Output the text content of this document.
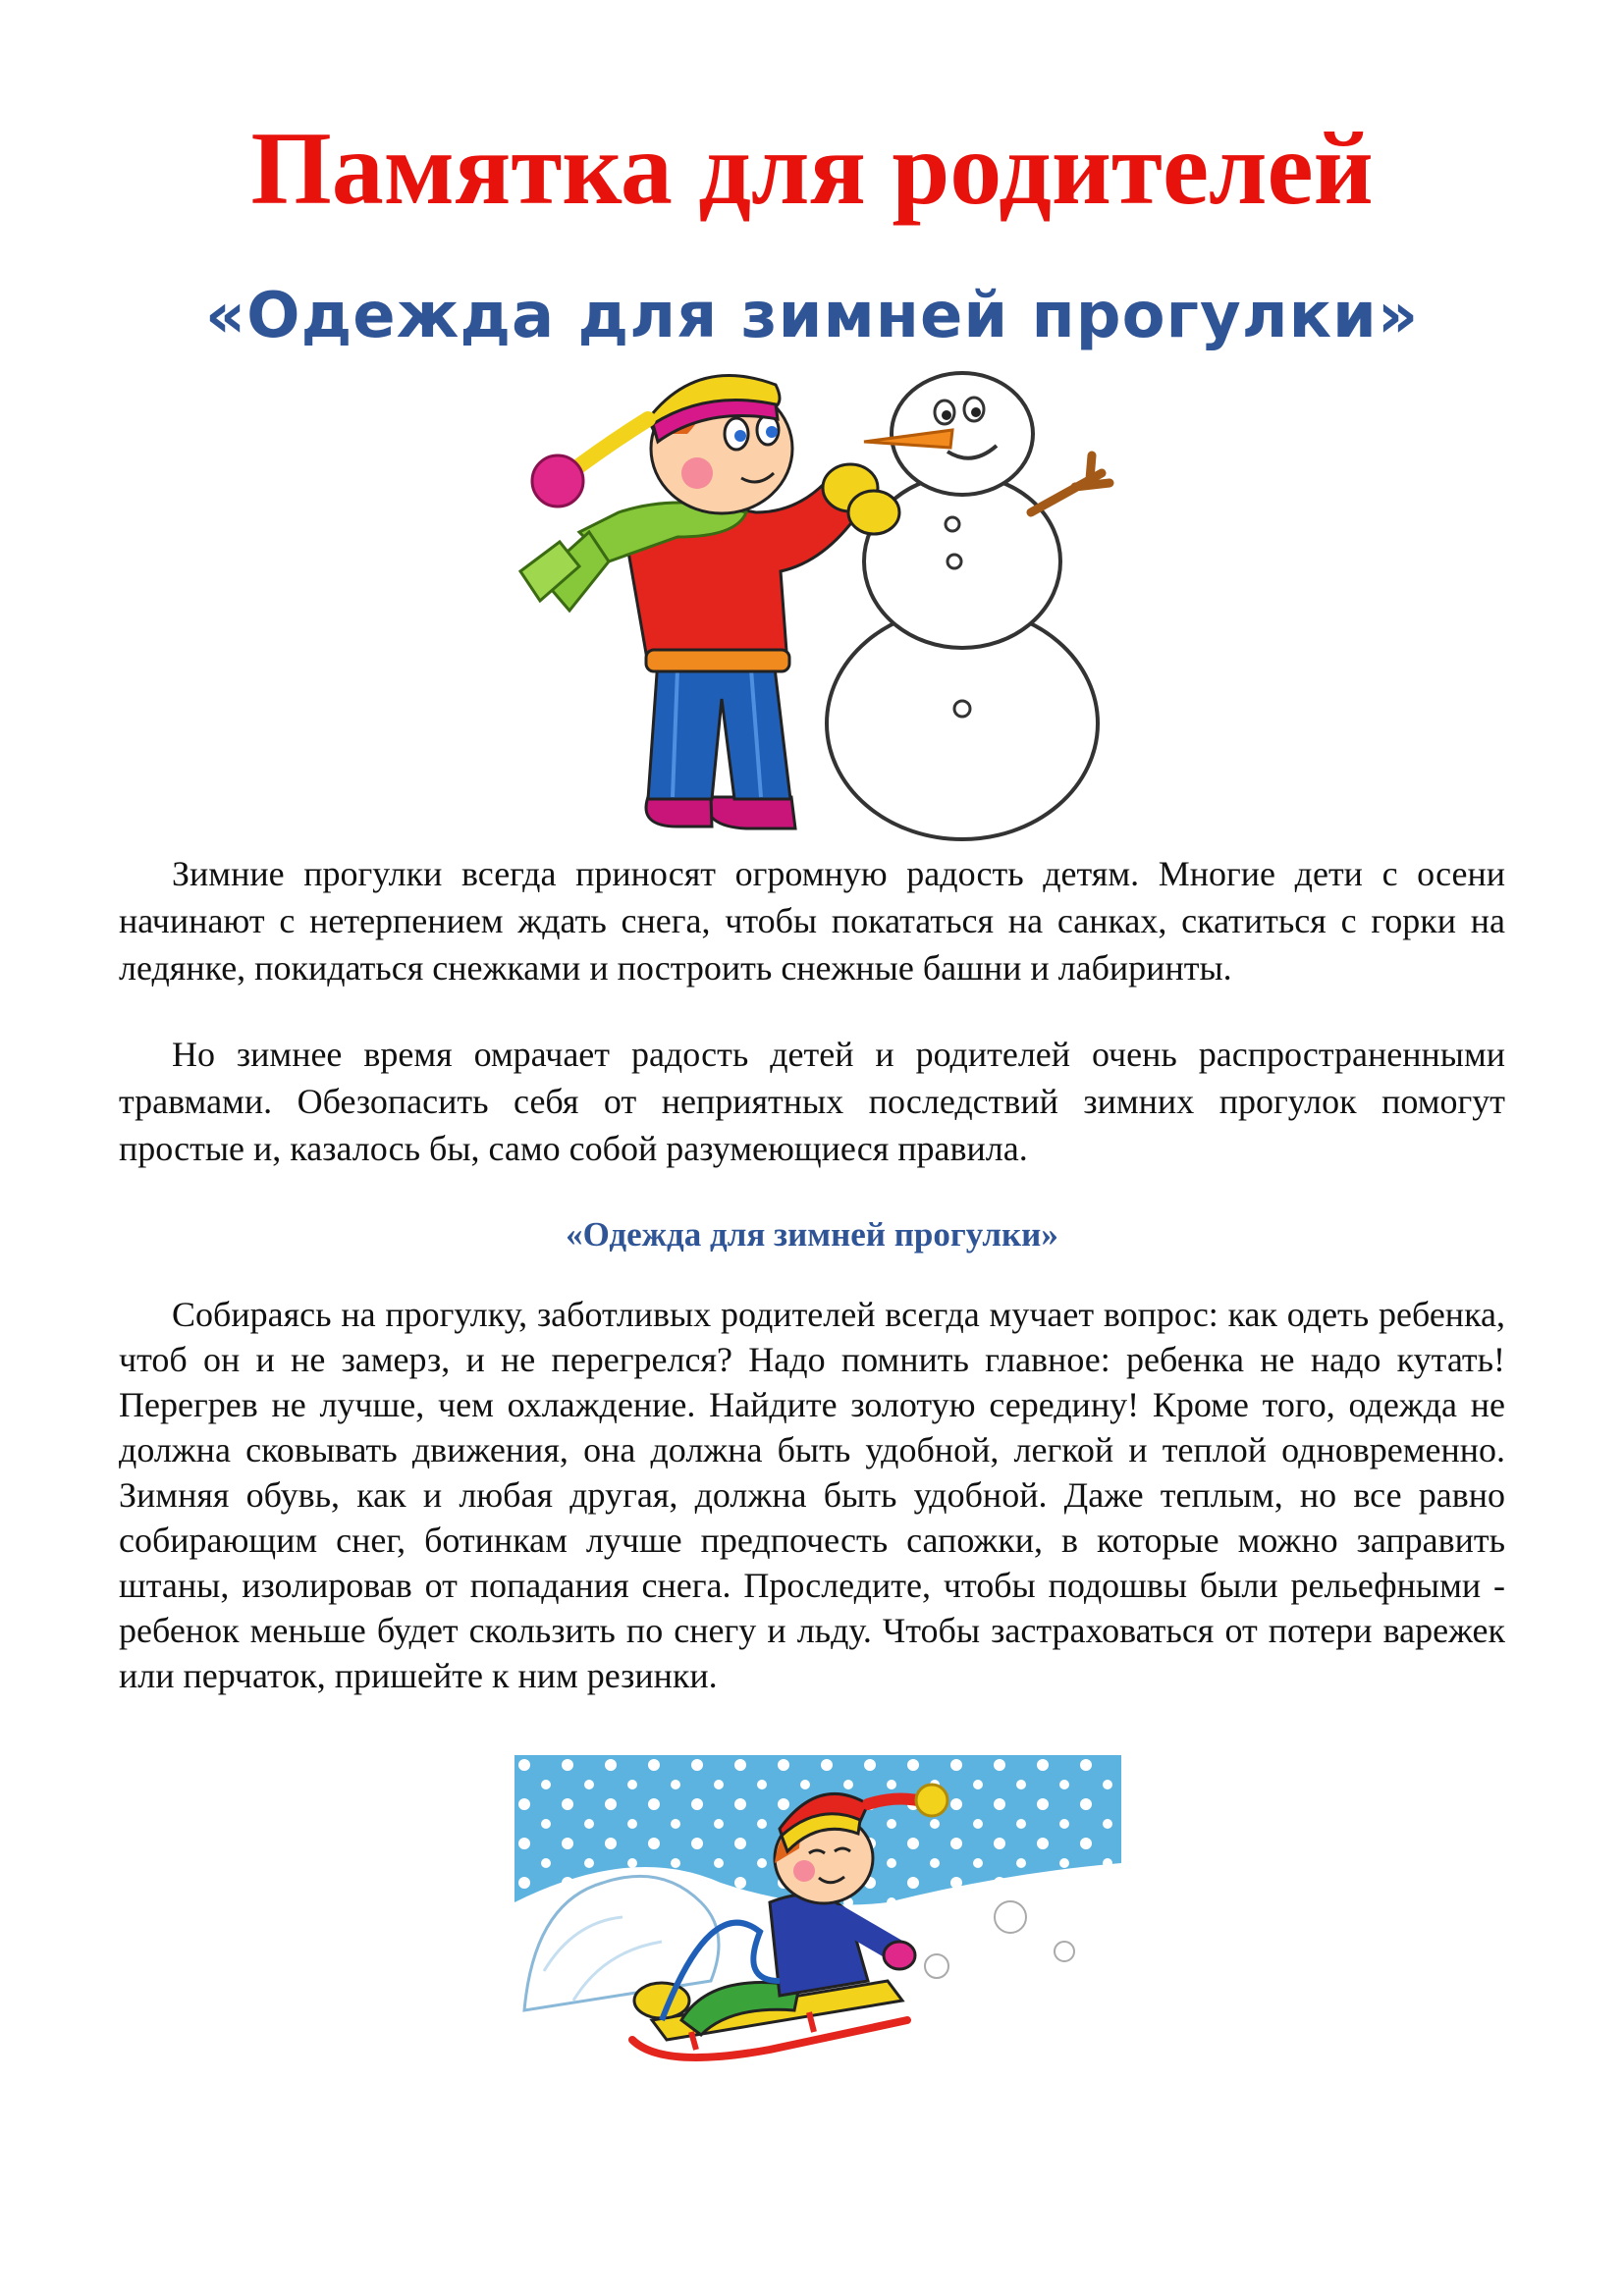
Памятка для родителей
«Одежда для зимней прогулки»

Зимние прогулки всегда приносят огромную радость детям. Многие дети с осени начинают с нетерпением ждать снега, чтобы покататься на санках, скатиться с горки на ледянке, покидаться снежками и построить снежные башни и лабиринты.

Но зимнее время омрачает радость детей и родителей очень распространенными травмами. Обезопасить себя от неприятных последствий зимних прогулок помогут простые и, казалось бы, само собой разумеющиеся правила.

«Одежда для зимней прогулки»

Собираясь на прогулку, заботливых родителей всегда мучает вопрос: как одеть ребенка, чтоб он и не замерз, и не перегрелся? Надо помнить главное: ребенка не надо кутать! Перегрев не лучше, чем охлаждение. Найдите золотую середину! Кроме того, одежда не должна сковывать движения, она должна быть удобной, легкой и теплой одновременно. Зимняя обувь, как и любая другая, должна быть удобной. Даже теплым, но все равно собирающим снег, ботинкам лучше предпочесть сапожки, в которые можно заправить штаны, изолировав от попадания снега. Проследите, чтобы подошвы были рельефными - ребенок меньше будет скользить по снегу и льду. Чтобы застраховаться от потери варежек или перчаток, пришейте к ним резинки.
